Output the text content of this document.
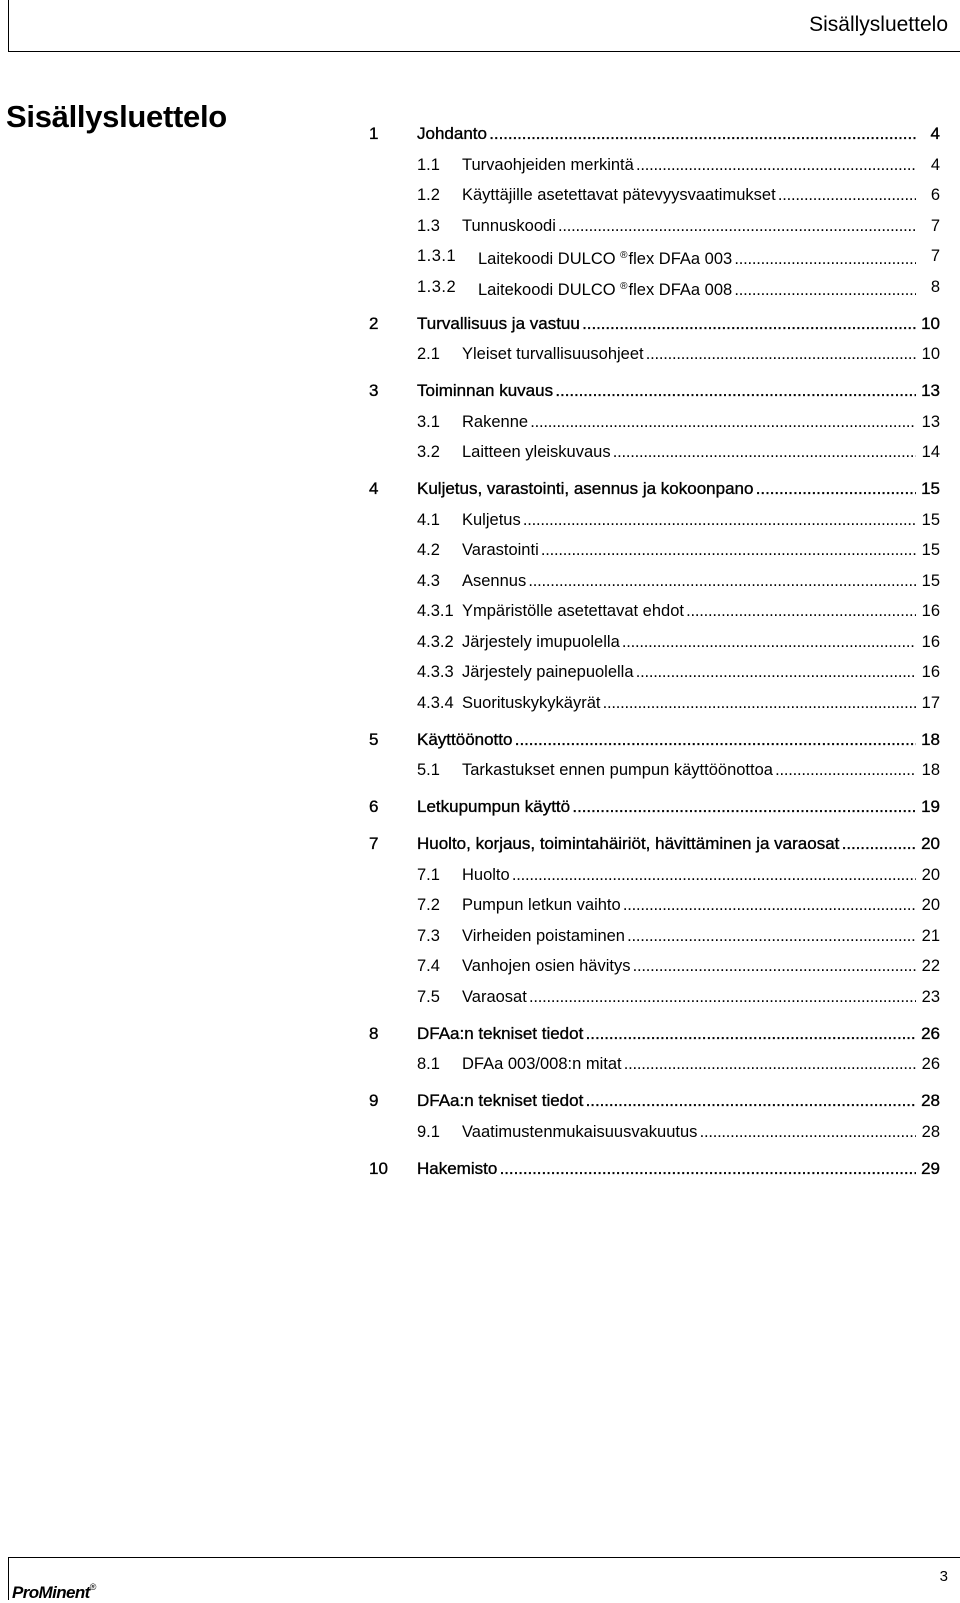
Sisällysluettelo
Sisällysluettelo	1 Johdanto . . .	4
1.1 Turvaohjeiden merkintä . . .	4
1.2 Käyttäjille asetettavat pätevyysvaatimukset . . .	6
1.3 Tunnuskoodi . . .	7
1.3.1 Laitekoodi DULCO ®flex DFAa 003 . . .	7
1.3.2 Laitekoodi DULCO ®flex DFAa 008 . . .	8
2 Turvallisuus ja vastuu . . .	10
2.1 Yleiset turvallisuusohjeet . . .	10
3 Toiminnan kuvaus . . .	13
3.1 Rakenne . . .	13
3.2 Laitteen yleiskuvaus . . .	14
4 Kuljetus, varastointi, asennus ja kokoonpano . . .	15
4.1 Kuljetus . . .	15
4.2 Varastointi . . .	15
4.3 Asennus . . .	15
4.3.1 Ympäristölle asetettavat ehdot . . .	16
4.3.2 Järjestely imupuolella . . .	16
4.3.3 Järjestely painepuolella . . .	16
4.3.4 Suorituskykykäyrät . . .	17
5 Käyttöönotto . . .	18
5.1 Tarkastukset ennen pumpun käyttöönottoa . . .	18
6 Letkupumpun käyttö . . .	19
7 Huolto, korjaus, toimintahäiriöt, hävittäminen ja varaosat . . .	20
7.1 Huolto . . .	20
7.2 Pumpun letkun vaihto . . .	20
7.3 Virheiden poistaminen . . .	21
7.4 Vanhojen osien hävitys . . .	22
7.5 Varaosat . . .	23
8 DFAa:n tekniset tiedot . . .	26
8.1 DFAa 003/008:n mitat . . .	26
9 DFAa:n tekniset tiedot . . .	28
9.1 Vaatimustenmukaisuusvakuutus . . .	28
10 Hakemisto . . .	29
ProMinent®
3
